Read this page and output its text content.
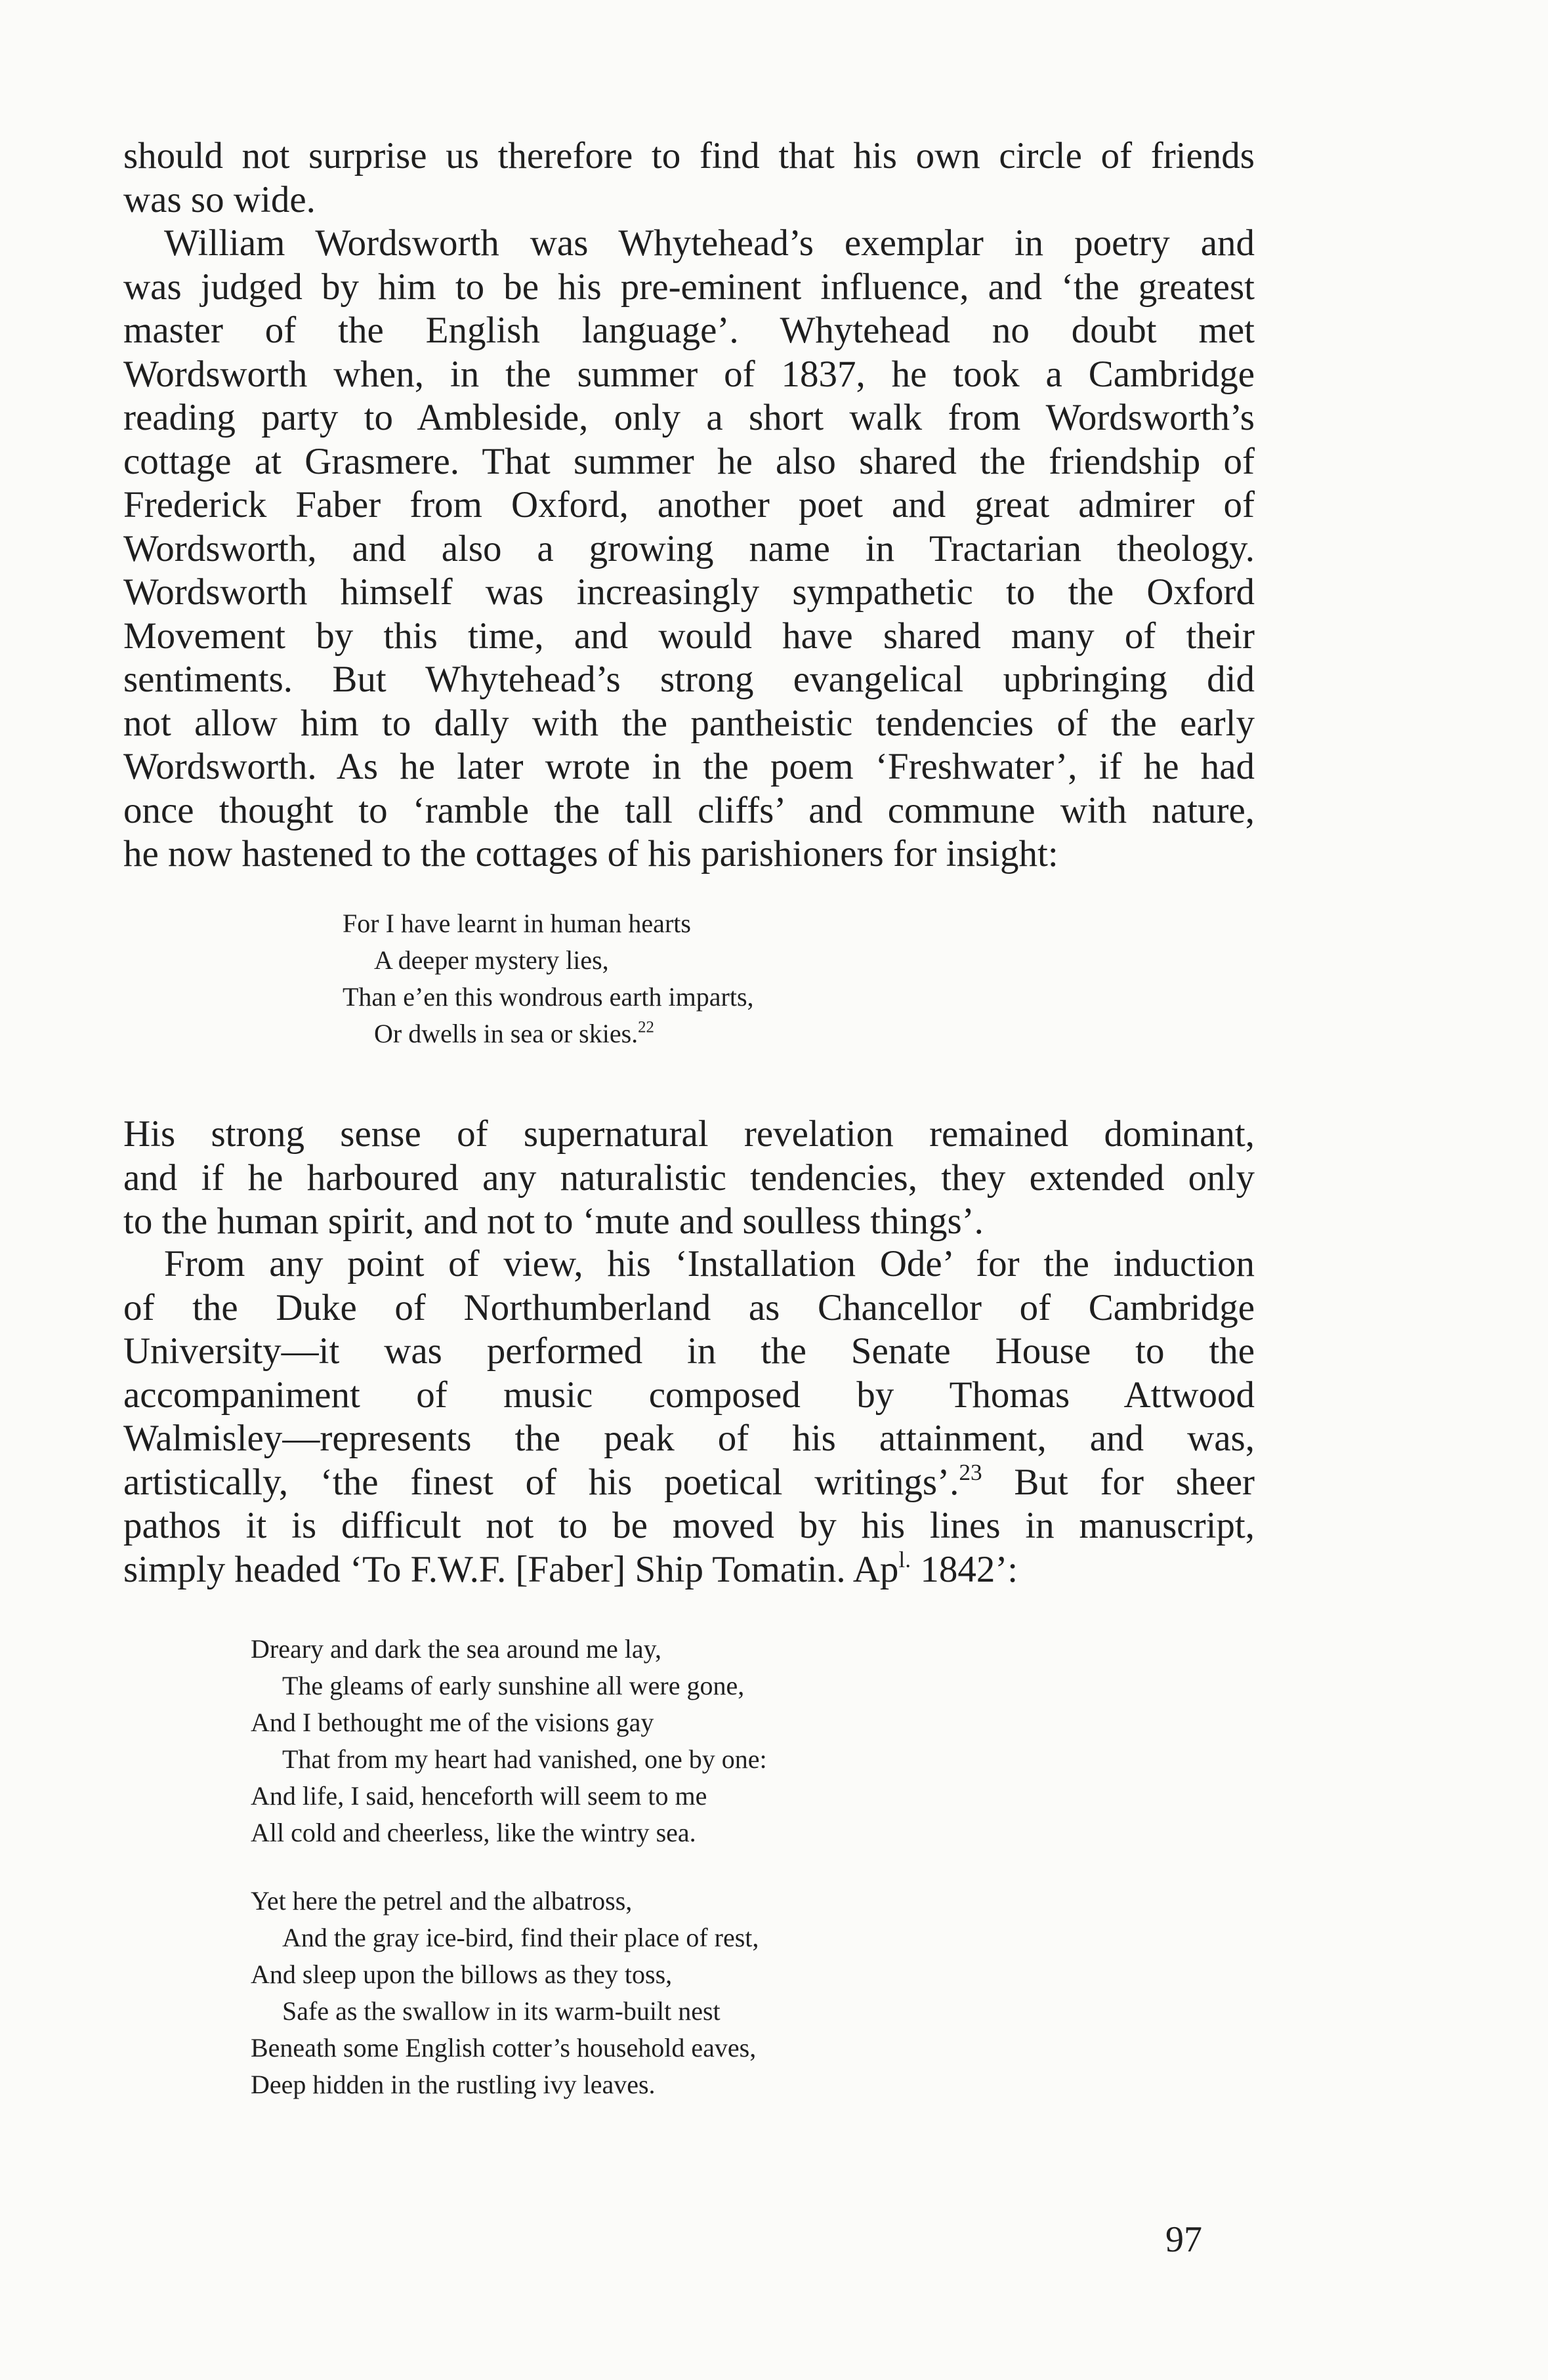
should not surprise us therefore to find that his own circle of friends
was so wide.
William Wordsworth was Whytehead’s exemplar in poetry and
was judged by him to be his pre-eminent influence, and ‘the greatest
master of the English language’. Whytehead no doubt met
Wordsworth when, in the summer of 1837, he took a Cambridge
reading party to Ambleside, only a short walk from Wordsworth’s
cottage at Grasmere. That summer he also shared the friendship of
Frederick Faber from Oxford, another poet and great admirer of
Wordsworth, and also a growing name in Tractarian theology.
Wordsworth himself was increasingly sympathetic to the Oxford
Movement by this time, and would have shared many of their
sentiments. But Whytehead’s strong evangelical upbringing did
not allow him to dally with the pantheistic tendencies of the early
Wordsworth. As he later wrote in the poem ‘Freshwater’, if he had
once thought to ‘ramble the tall cliffs’ and commune with nature,
he now hastened to the cottages of his parishioners for insight:
For I have learnt in human hearts
A deeper mystery lies,
Than e’en this wondrous earth imparts,
Or dwells in sea or skies.$^{22}$
His strong sense of supernatural revelation remained dominant,
and if he harboured any naturalistic tendencies, they extended only
to the human spirit, and not to ‘mute and soulless things’.
From any point of view, his ‘Installation Ode’ for the induction
of the Duke of Northumberland as Chancellor of Cambridge
University—it was performed in the Senate House to the
accompaniment of music composed by Thomas Attwood
Walmisley—represents the peak of his attainment, and was,
artistically, ‘the finest of his poetical writings’.$^{23}$ But for sheer
pathos it is difficult not to be moved by his lines in manuscript,
simply headed ‘To F.W.F. [Faber] Ship Tomatin. $Ap^{l.}$ 1842’:
Dreary and dark the sea around me lay,
The gleams of early sunshine all were gone,
And I bethought me of the visions gay
That from my heart had vanished, one by one:
And life, I said, henceforth will seem to me
All cold and cheerless, like the wintry sea.
Yet here the petrel and the albatross,
And the gray ice-bird, find their place of rest,
And sleep upon the billows as they toss,
Safe as the swallow in its warm-built nest
Beneath some English cotter’s household eaves,
Deep hidden in the rustling ivy leaves.
97
